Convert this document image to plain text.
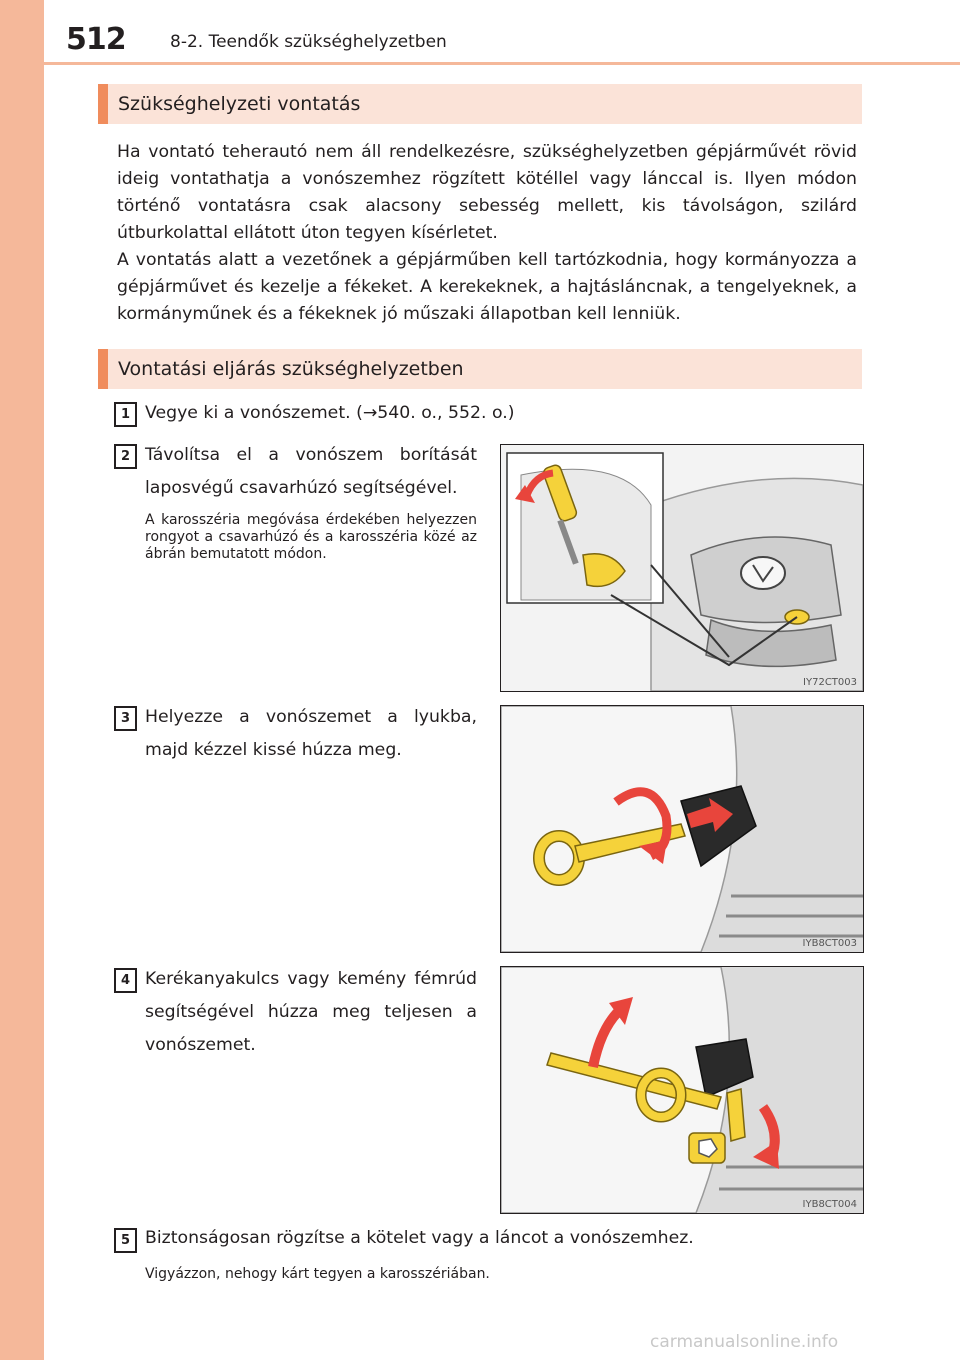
512	8-2. Teendők szükséghelyzetben
Szükséghelyzeti vontatás

Ha vontató teherautó nem áll rendelkezésre, szükséghelyzetben gépjárművét rövid ideig vontathatja a vonószemhez rögzített kötéllel vagy lánccal is. Ilyen módon történő vontatásra csak alacsony sebesség mellett, kis távolságon, szilárd útburkolattal ellátott úton tegyen kísérletet.

A vontatás alatt a vezetőnek a gépjárműben kell tartózkodnia, hogy kormányozza a gépjárművet és kezelje a fékeket. A kerekeknek, a hajtásláncnak, a tengelyeknek, a kormányműnek és a fékeknek jó műszaki állapotban kell lenniük.

Vontatási eljárás szükséghelyzetben
1 Vegye ki a vonószemet. (→540. o., 552. o.)

2 Távolítsa el a vonószem borítását laposvégű csavarhúzó segítségével.

A karosszéria megóvása érdekében helyezzen rongyot a csavarhúzó és a karosszéria közé az ábrán bemutatott módon.

IY72CT003
3 Helyezze a vonószemet a lyukba, majd kézzel kissé húzza meg.

IYB8CT003
4 Kerékanyakulcs vagy kemény fémrúd segítségével húzza meg teljesen a vonószemet.

IYB8CT004
5 Biztonságosan rögzítse a kötelet vagy a láncot a vonószemhez.

Vigyázzon, nehogy kárt tegyen a karosszériában.

carmanualsonline.info
